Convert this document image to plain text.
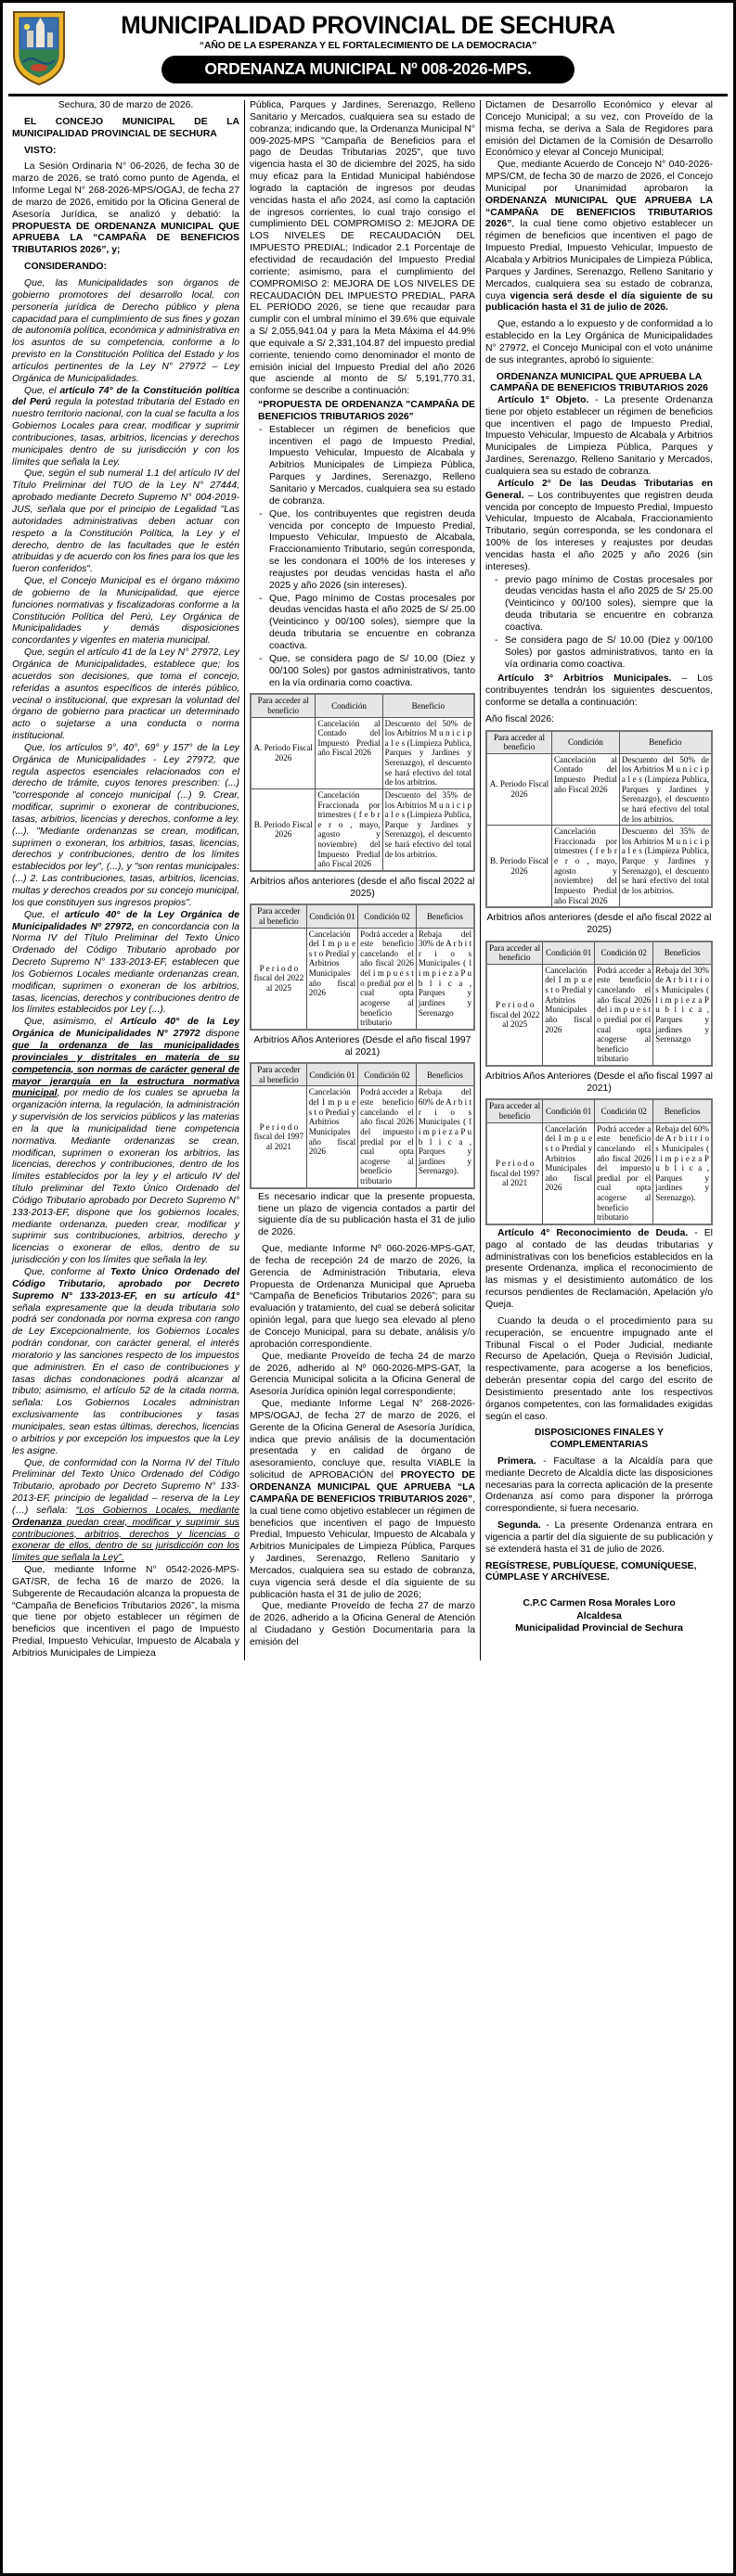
MUNICIPALIDAD PROVINCIAL DE SECHURA
“AÑO DE LA ESPERANZA Y EL FORTALECIMIENTO DE LA DEMOCRACIA”
ORDENANZA MUNICIPAL Nº 008-2026-MPS.

Sechura, 30 de marzo de 2026.

EL CONCEJO MUNICIPAL DE LA MUNICIPALIDAD PROVINCIAL DE SECHURA

VISTO:

La Sesión Ordinaria N° 06-2026, de fecha 30 de marzo de 2026, se trató como punto de Agenda, el Informe Legal N° 268-2026-MPS/OGAJ, de fecha 27 de marzo de 2026, emitido por la Oficina General de Asesoría Jurídica, se analizó y debatió: la PROPUESTA DE ORDENANZA MUNICIPAL QUE APRUEBA LA “CAMPAÑA DE BENEFICIOS TRIBUTARIOS 2026”, y;

CONSIDERANDO:

Que, las Municipalidades son órganos de gobierno promotores del desarrollo local, con personería jurídica de Derecho público y plena capacidad para el cumplimiento de sus fines y gozan de autonomía política, económica y administrativa en los asuntos de su competencia, conforme a lo previsto en la Constitución Política del Estado y los artículos pertinentes de la Ley N° 27972 – Ley Orgánica de Municipalidades.

Que, el artículo 74° de la Constitución política del Perú regula la potestad tributaria del Estado en nuestro territorio nacional, con la cual se faculta a los Gobiernos Locales para crear, modificar y suprimir contribuciones, tasas, arbitrios, licencias y derechos municipales dentro de su jurisdicción y con los límites que señala la Ley.

Que, según el sub numeral 1.1 del artículo IV del Título Preliminar del TUO de la Ley N° 27444, aprobado mediante Decreto Supremo N° 004-2019-JUS, señala que por el principio de Legalidad "Las autoridades administrativas deben actuar con respeto a la Constitución Política, la Ley y el derecho, dentro de las facultades que le estén atribuidas y de acuerdo con los fines para los que les fueron conferidos".

Que, el Concejo Municipal es el órgano máximo de gobierno de la Municipalidad, que ejerce funciones normativas y fiscalizadoras conforme a la Constitución Política del Perú, Ley Orgánica de Municipalidades y demás disposiciones concordantes y vigentes en materia municipal.

Que, según el artículo 41 de la Ley N° 27972, Ley Orgánica de Municipalidades, establece que; los acuerdos son decisiones, que toma el concejo, referidas a asuntos específicos de interés público, vecinal o institucional, que expresan la voluntad del órgano de gobierno para practicar un determinado acto o sujetarse a una conducta o norma institucional.

Que, los artículos 9°, 40°, 69° y 157° de la Ley Orgánica de Municipalidades - Ley 27972, que regula aspectos esenciales relacionados con el derecho de trámite, cuyos tenores prescriben: (...) "corresponde al concejo municipal (...) 9. Crear, modificar, suprimir o exonerar de contribuciones, tasas, arbitrios, licencias y derechos, conforme a ley. (...). "Mediante ordenanzas se crean, modifican, suprimen o exoneran, los arbitrios, tasas, licencias, derechos y contribuciones, dentro de los límites establecidos por ley", (...), y "son rentas municipales: (...) 2. Las contribuciones, tasas, arbitrios, licencias, multas y derechos creados por su concejo municipal, los que constituyen sus ingresos propios".

Que, el artículo 40° de la Ley Orgánica de Municipalidades Nº 27972, en concordancia con la Norma IV del Título Preliminar del Texto Único Ordenado del Código Tributario aprobado por Decreto Supremo N° 133-2013-EF, establecen que los Gobiernos Locales mediante ordenanzas crean, modifican, suprimen o exoneran de los arbitrios, tasas, licencias, derechos y contribuciones dentro de los límites establecidos por Ley (...).

Que, asimismo, el Artículo 40° de la Ley Orgánica de Municipalidades N° 27972 dispone que la ordenanza de las municipalidades provinciales y distritales en materia de su competencia, son normas de carácter general de mayor jerarquía en la estructura normativa municipal, por medio de los cuales se aprueba la organización interna, la regulación, la administración y supervisión de los servicios públicos y las materias en la que la municipalidad tiene competencia normativa. Mediante ordenanzas se crean, modifican, suprimen o exoneran los arbitrios, las licencias, derechos y contribuciones, dentro de los límites establecidos por la ley y el articulo IV del título preliminar del Texto Único Ordenado del Código Tributario aprobado por Decreto Supremo N° 133-2013-EF, dispone que los gobiernos locales, mediante ordenanza, pueden crear, modificar y suprimir sus contribuciones, arbitrios, derecho y licencias o exonerar de ellos, dentro de su jurisdicción y con los límites que señala la ley.

Que, conforme al Texto Único Ordenado del Código Tributario, aprobado por Decreto Supremo N° 133-2013-EF, en su artículo 41° señala expresamente que la deuda tributaria solo podrá ser condonada por norma expresa con rango de Ley Excepcionalmente, los Gobiernos Locales podrán condonar, con carácter general, el interés moratorio y las sanciones respecto de los impuestos que administren. En el caso de contribuciones y tasas dichas condonaciones podrá alcanzar al tributo; asimismo, el artículo 52 de la citada norma, señala: Los Gobiernos Locales administran exclusivamente las contribuciones y tasas municipales, sean estas últimas, derechos, licencias o arbitrios y por excepción los impuestos que la Ley les asigne.

Que, de conformidad con la Norma IV del Título Preliminar del Texto Único Ordenado del Código Tributario, aprobado por Decreto Supremo N° 133-2013-EF, principio de legalidad – reserva de la Ley (…) señala: “Los Gobiernos Locales, mediante Ordenanza puedan crear, modificar y suprimir sus contribuciones, arbitrios, derechos y licencias o exonerar de ellos, dentro de su jurisdicción con los límites que señala la Ley”.

Que, mediante Informe N° 0542-2026-MPS-GAT/SR, de fecha 16 de marzo de 2026, la Subgerente de Recaudación alcanza la propuesta de “Campaña de Beneficios Tributarios 2026”, la misma que tiene por objeto establecer un régimen de beneficios que incentiven el pago de Impuesto Predial, Impuesto Vehicular, Impuesto de Alcabala y Arbitrios Municipales de Limpieza

Pública, Parques y Jardines, Serenazgo, Relleno Sanitario y Mercados, cualquiera sea su estado de cobranza; indicando que, la Ordenanza Municipal N° 009-2025-MPS "Campaña de Beneficios para el pago de Deudas Tributarias 2025", que tuvo vigencia hasta el 30 de diciembre del 2025, ha sido muy eficaz para la Entidad Municipal habiéndose logrado la captación de ingresos por deudas vencidas hasta el año 2024, así como la captación de ingresos corrientes, lo cual trajo consigo el cumplimiento DEL COMPROMISO 2: MEJORA DE LOS NIVELES DE RECAUDACIÓN DEL IMPUESTO PREDIAL; Indicador 2.1 Porcentaje de efectividad de recaudación del Impuesto Predial corriente; asimismo, para el cumplimiento del COMPROMISO 2: MEJORA DE LOS NIVELES DE RECAUDACIÓN DEL IMPUESTO PREDIAL, PARA EL PERÍODO 2026, se tiene que recaudar para cumplir con el umbral mínimo el 39.6% que equivale a S/ 2,055,941.04 y para la Meta Máxima el 44.9% que equivale a S/ 2,331,104.87 del impuesto predial corriente, teniendo como denominador el monto de emisión inicial del Impuesto Predial del año 2026 que asciende al monto de S/ 5,191,770.31, conforme se describe a continuación:

“PROPUESTA DE ORDENANZA "CAMPAÑA DE BENEFICIOS TRIBUTARIOS 2026"

- Establecer un régimen de beneficios que incentiven el pago de Impuesto Predial, Impuesto Vehicular, Impuesto de Alcabala y Arbitrios Municipales de Limpieza Pública, Parques y Jardines, Serenazgo, Relleno Sanitario y Mercados, cualquiera sea su estado de cobranza.
- Que, los contribuyentes que registren deuda vencida por concepto de Impuesto Predial, Impuesto Vehicular, Impuesto de Alcabala, Fraccionamiento Tributario, según corresponda, se les condonara el 100% de los intereses y reajustes por deudas vencidas hasta el año 2025 y año 2026 (sin intereses).
- Que, Pago mínimo de Costas procesales por deudas vencidas hasta el año 2025 de S/ 25.00 (Veinticinco y 00/100 soles), siempre que la deuda tributaria se encuentre en cobranza coactiva.
- Que, se considera pago de S/ 10.00 (Diez y 00/100 Soles) por gastos administrativos, tanto en la vía ordinaria como coactiva.
Para acceder al beneficio	Condición	Beneficio
A. Periodo Fiscal 2026	Cancelación al Contado del Impuesto Predial año Fiscal 2026	Descuento del 50% de los Arbitrios M u n i c i p a l e s (Limpieza Publica, Parques y Jardines y Serenazgo), el descuento se hará efectivo del total de los arbitrios.
B. Periodo Fiscal 2026	Cancelación Fraccionada por trimestres ( f e b r e r o , mayo, agosto y noviembre) del Impuesto Predial año Fiscal 2026	Descuento del 35% de los Arbitrios M u n i c i p a l e s (Limpieza Publica, Parque y Jardines y Serenazgo), el descuento se hará efectivo del total de los arbitrios.
Arbitrios años anteriores (desde el año fiscal 2022 al 2025)
Para acceder al beneficio	Condición 01	Condición 02	Beneficios
P e r i o d o fiscal del 2022 al 2025	Cancelación del I m p u e s t o Predial y Arbitrios Municipales año fiscal 2026	Podrá acceder a este beneficio cancelando el año fiscal 2026 del i m p u e s t o predial por el cual opta acogerse al beneficio tributario	Rebaja del 30% de A r b i t r i o s Municipales ( l i m p i e z a P u b l i c a , Parques y jardines y Serenazgo
Arbitrios Años Anteriores (Desde el año fiscal 1997 al 2021)
Para acceder al beneficio	Condición 01	Condición 02	Beneficios
P e r i o d o fiscal del 1997 al 2021	Cancelación del I m p u e s t o Predial y Arbitrios Municipales año fiscal 2026	Podrá acceder a este beneficio cancelando el año fiscal 2026 del impuesto predial por el cual opta acogerse al beneficio tributario	Rebaja del 60% de A r b i t r i o s Municipales ( l i m p i e z a P u b l i c a , Parques y jardines y Serenazgo).

Es necesario indicar que la presente propuesta, tiene un plazo de vigencia contados a partir del siguiente día de su publicación hasta el 31 de julio de 2026.

Que, mediante Informe Nº 060-2026-MPS-GAT, de fecha de recepción 24 de marzo de 2026, la Gerencia de Administración Tributaria, eleva Propuesta de Ordenanza Municipal que Aprueba “Campaña de Beneficios Tributarios 2026”; para su evaluación y tratamiento, del cual se deberá solicitar opinión legal, para que luego sea elevado al pleno de Concejo Municipal, para su debate, análisis y/o aprobación correspondiente.

Que, mediante Proveído de fecha 24 de marzo de 2026, adherido al Nº 060-2026-MPS-GAT, la Gerencia Municipal solicita a la Oficina General de Asesoría Jurídica opinión legal correspondiente;

Que, mediante Informe Legal N° 268-2026-MPS/OGAJ, de fecha 27 de marzo de 2026, el Gerente de la Oficina General de Asesoría Jurídica, indica que previo análisis de la documentación presentada y en calidad de órgano de asesoramiento, concluye que, resulta VIABLE la solicitud de APROBACIÓN del PROYECTO DE ORDENANZA MUNICIPAL QUE APRUEBA “LA CAMPAÑA DE BENEFICIOS TRIBUTARIOS 2026”, la cual tiene como objetivo establecer un régimen de beneficios que incentiven el pago de Impuesto Predial, Impuesto Vehicular, Impuesto de Alcabala y Arbitrios Municipales de Limpieza Pública, Parques y Jardines, Serenazgo, Relleno Sanitario y Mercados, cualquiera sea su estado de cobranza, cuya vigencia será desde el día siguiente de su publicación hasta el 31 de julio de 2026;

Que, mediante Proveído de fecha 27 de marzo de 2026, adherido a la Oficina General de Atención al Ciudadano y Gestión Documentaria para la emisión del

Dictamen de Desarrollo Económico y elevar al Concejo Municipal; a su vez, con Proveído de la misma fecha, se deriva a Sala de Regidores para emisión del Dictamen de la Comisión de Desarrollo Económico y elevar al Concejo Municipal;

Que, mediante Acuerdo de Concejo N° 040-2026-MPS/CM, de fecha 30 de marzo de 2026, el Concejo Municipal por Unanimidad aprobaron la ORDENANZA MUNICIPAL QUE APRUEBA LA “CAMPAÑA DE BENEFICIOS TRIBUTARIOS 2026”, la cual tiene como objetivo establecer un régimen de beneficios que incentiven el pago de Impuesto Predial, Impuesto Vehicular, Impuesto de Alcabala y Arbitrios Municipales de Limpieza Pública, Parques y Jardines, Serenazgo, Relleno Sanitario y Mercados, cualquiera sea su estado de cobranza, cuya vigencia será desde el día siguiente de su publicación hasta el 31 de julio de 2026.

Que, estando a lo expuesto y de conformidad a lo establecido en la Ley Orgánica de Municipalidades N° 27972, el Concejo Municipal con el voto unánime de sus integrantes, aprobó lo siguiente:

ORDENANZA MUNICIPAL QUE APRUEBA LA CAMPAÑA DE BENEFICIOS TRIBUTARIOS 2026

Artículo 1° Objeto. - La presente Ordenanza tiene por objeto establecer un régimen de beneficios que incentiven el pago de Impuesto Predial, Impuesto Vehicular, Impuesto de Alcabala y Arbitrios Municipales de Limpieza Pública, Parques y Jardines, Serenazgo, Relleno Sanitario y Mercados, cualquiera sea su estado de cobranza.

Artículo 2° De las Deudas Tributarias en General. – Los contribuyentes que registren deuda vencida por concepto de Impuesto Predial, Impuesto Vehicular, Impuesto de Alcabala, Fraccionamiento Tributario, según corresponda, se les condonara el 100% de los intereses y reajustes por deudas vencidas hasta el año 2025 y año 2026 (sin intereses).

- previo pago mínimo de Costas procesales por deudas vencidas hasta el año 2025 de S/ 25.00 (Veinticinco y 00/100 soles), siempre que la deuda tributaria se encuentre en cobranza coactiva.
- Se considera pago de S/ 10.00 (Diez y 00/100 Soles) por gastos administrativos, tanto en la vía ordinaria como coactiva.

Artículo 3° Arbitrios Municipales. – Los contribuyentes tendrán los siguientes descuentos, conforme se detalla a continuación:

Año fiscal 2026:
Para acceder al beneficio	Condición	Beneficio
A. Periodo Fiscal 2026	Cancelación al Contado del Impuesto Predial año Fiscal 2026	Descuento del 50% de los Arbitrios M u n i c i p a l e s (Limpieza Publica, Parques y Jardines y Serenazgo), el descuento se hará efectivo del total de los arbitrios.
B. Periodo Fiscal 2026	Cancelación Fraccionada por trimestres ( f e b r e r o , mayo, agosto y noviembre) del Impuesto Predial año Fiscal 2026	Descuento del 35% de los Arbitrios M u n i c i p a l e s (Limpieza Publica, Parque y Jardines y Serenazgo), el descuento se hará efectivo del total de los arbitrios.
Arbitrios años anteriores (desde el año fiscal 2022 al 2025)
Para acceder al beneficio	Condición 01	Condición 02	Beneficios
P e r i o d o fiscal del 2022 al 2025	Cancelación del I m p u e s t o Predial y Arbitrios Municipales año fiscal 2026	Podrá acceder a este beneficio cancelando el año fiscal 2026 del i m p u e s t o predial por el cual opta acogerse al beneficio tributario	Rebaja del 30% de A r b i t r i o s Municipales ( l i m p i e z a P u b l i c a , Parques y jardines y Serenazgo
Arbitrios Años Anteriores (Desde el año fiscal 1997 al 2021)
Para acceder al beneficio	Condición 01	Condición 02	Beneficios
P e r i o d o fiscal del 1997 al 2021	Cancelación del I m p u e s t o Predial y Arbitrios Municipales año fiscal 2026	Podrá acceder a este beneficio cancelando el año fiscal 2026 del impuesto predial por el cual opta acogerse al beneficio tributario	Rebaja del 60% de A r b i t r i o s Municipales ( l i m p i e z a P u b l i c a , Parques y jardines y Serenazgo).

Artículo 4° Reconocimiento de Deuda. - El pago al contado de las deudas tributarias y administrativas con los beneficios establecidos en la presente Ordenanza, implica el reconocimiento de las mismas y el desistimiento automático de los recursos pendientes de Reclamación, Apelación y/o Queja.

Cuando la deuda o el procedimiento para su recuperación, se encuentre impugnado ante el Tribunal Fiscal o el Poder Judicial, mediante Recurso de Apelación, Queja o Revisión Judicial, respectivamente, para acogerse a los beneficios, deberán presentar copia del cargo del escrito de Desistimiento presentado ante los respectivos órganos competentes, con las formalidades exigidas según el caso.

DISPOSICIONES FINALES Y COMPLEMENTARIAS

Primera. - Facultase a la Alcaldía para que mediante Decreto de Alcaldía dicte las disposiciones necesarias para la correcta aplicación de la presente Ordenanza así como para disponer la prórroga correspondiente, si fuera necesario.

Segunda. - La presente Ordenanza entrara en vigencia a partir del día siguiente de su publicación y se extenderá hasta el 31 de julio de 2026.

REGÍSTRESE, PUBLÍQUESE, COMUNÍQUESE, CÚMPLASE Y ARCHÍVESE.

C.P.C Carmen Rosa Morales Loro
Alcaldesa
Municipalidad Provincial de Sechura
